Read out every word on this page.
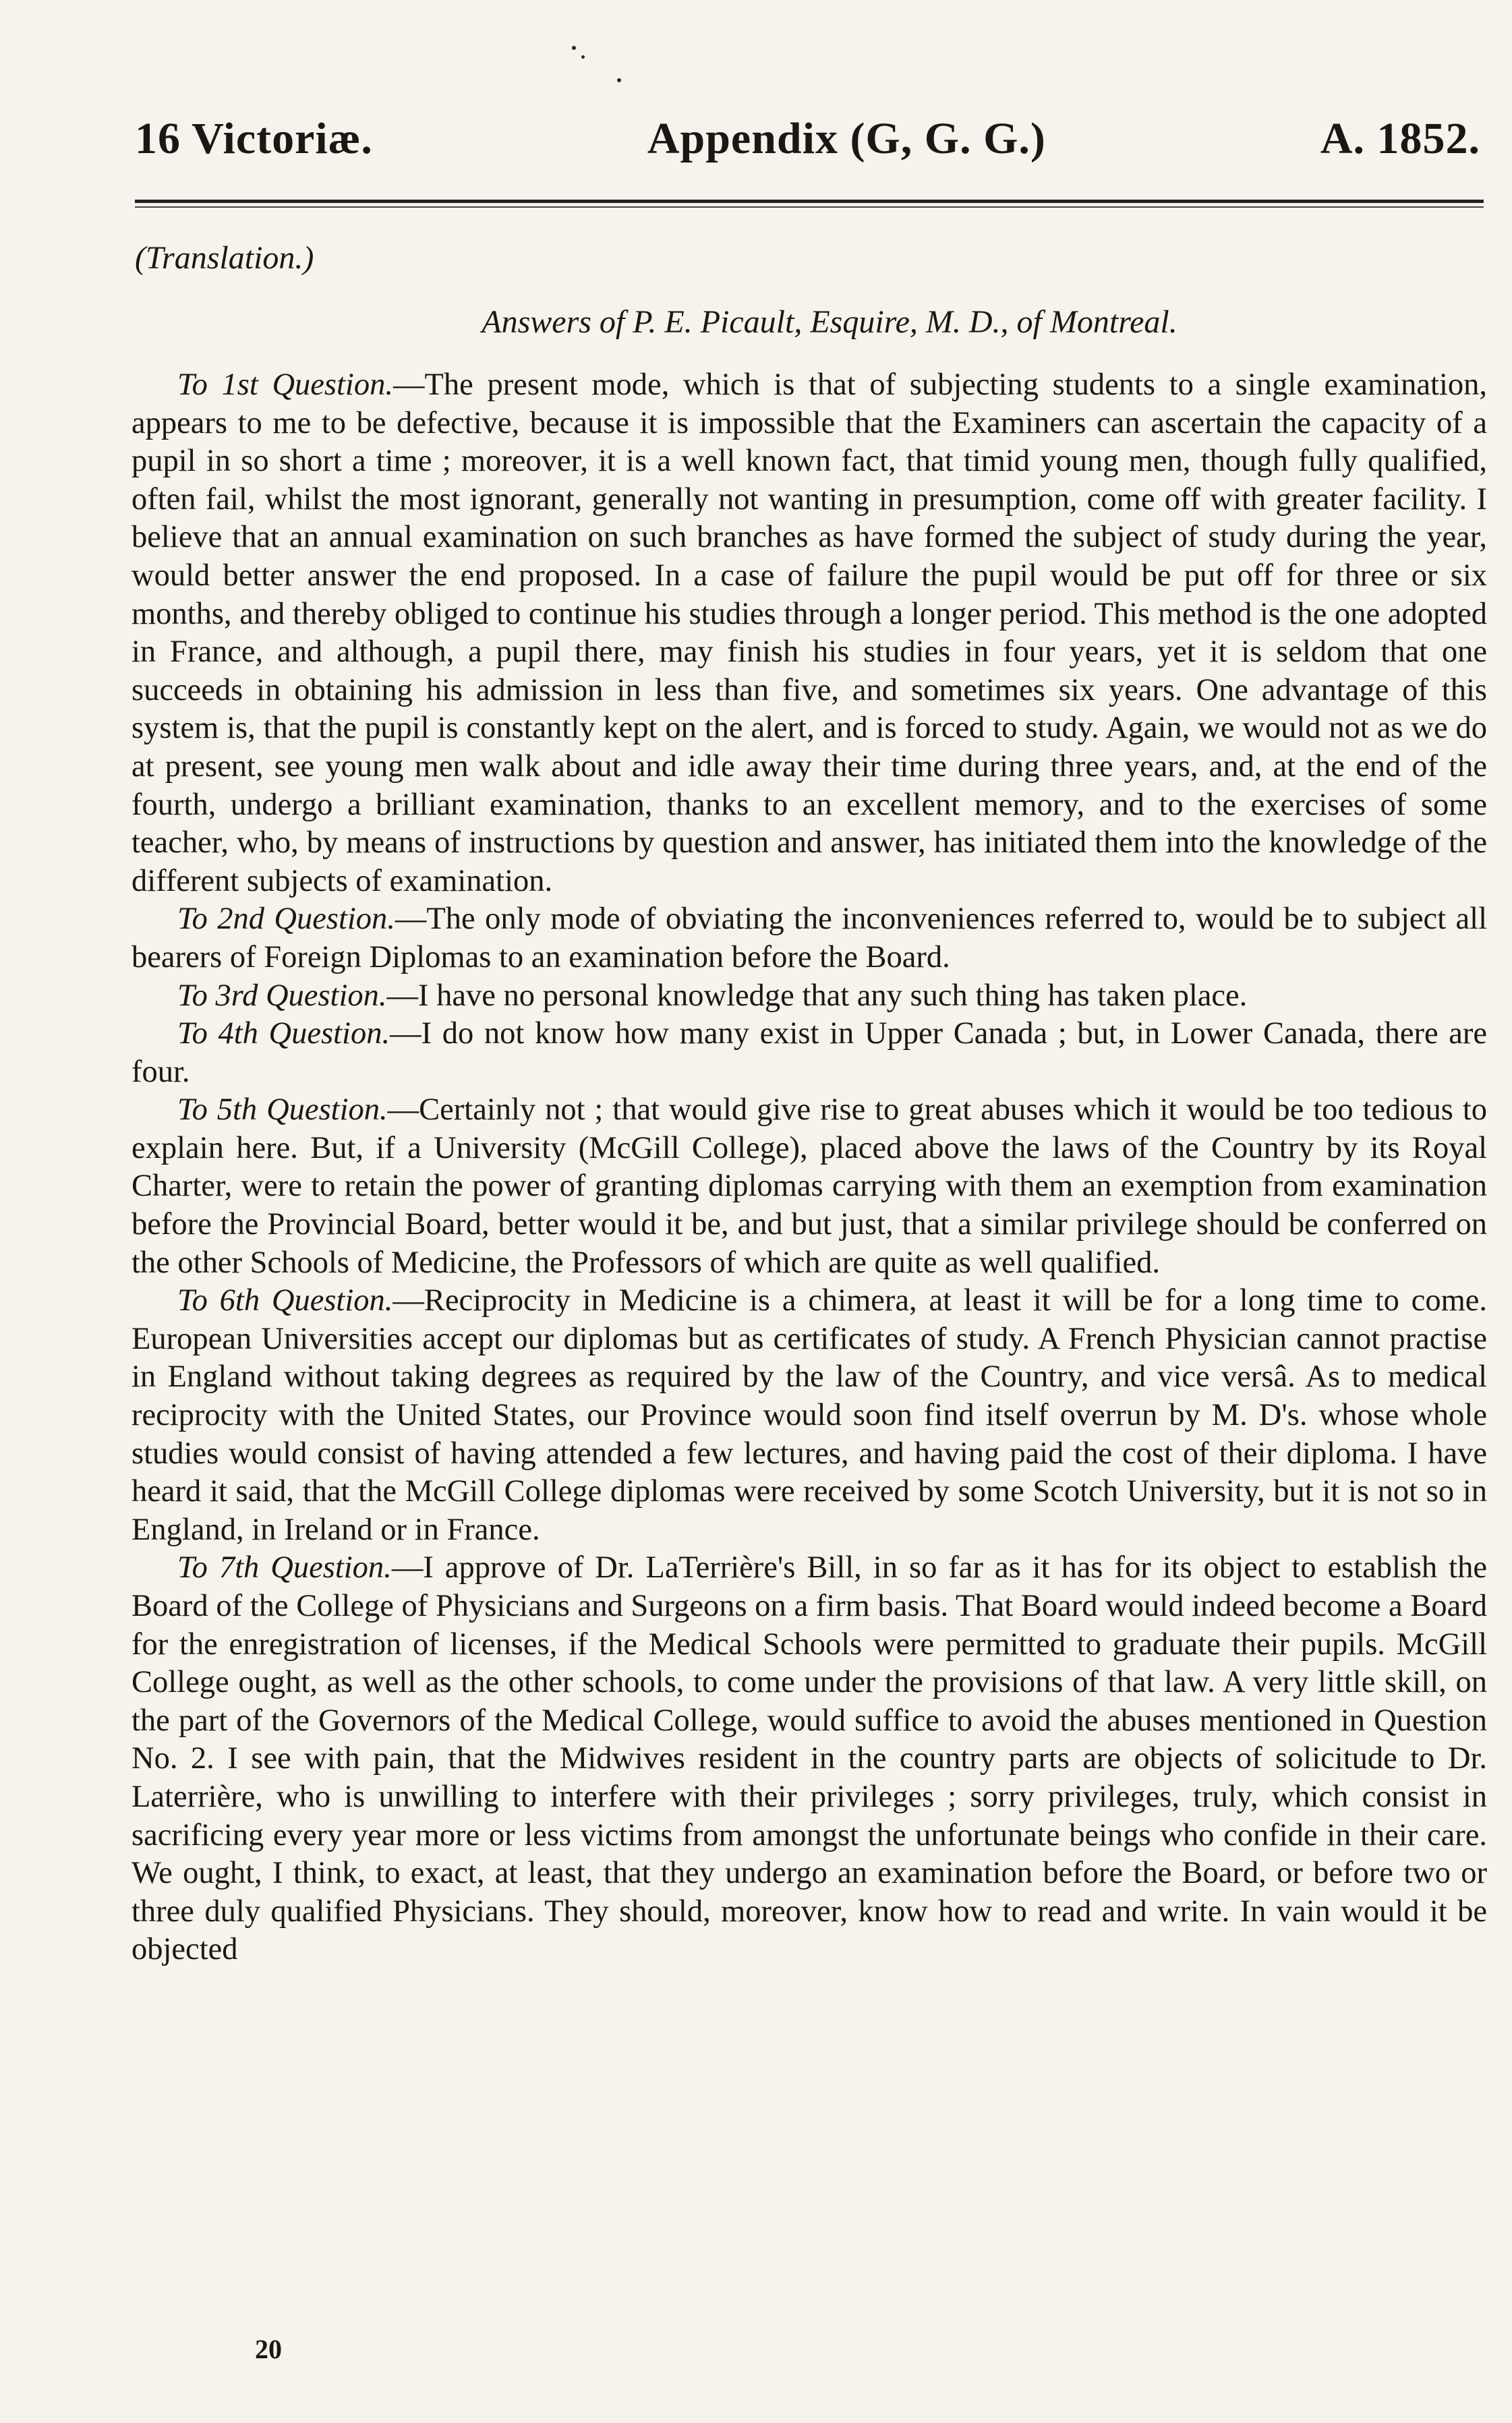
16 Victoriæ.	Appendix (G, G. G.)	A. 1852.
(Translation.)
Answers of P. E. Picault, Esquire, M. D., of Montreal.

To 1st Question.—The present mode, which is that of subjecting students to a single examination, appears to me to be defective, because it is impossible that the Examiners can ascertain the capacity of a pupil in so short a time ; moreover, it is a well known fact, that timid young men, though fully qualified, often fail, whilst the most ignorant, generally not wanting in presumption, come off with greater facility. I believe that an annual examination on such branches as have formed the subject of study during the year, would better answer the end proposed. In a case of failure the pupil would be put off for three or six months, and thereby obliged to continue his studies through a longer period. This method is the one adopted in France, and although, a pupil there, may finish his studies in four years, yet it is seldom that one succeeds in obtaining his admission in less than five, and sometimes six years. One advantage of this system is, that the pupil is constantly kept on the alert, and is forced to study. Again, we would not as we do at present, see young men walk about and idle away their time during three years, and, at the end of the fourth, undergo a brilliant examination, thanks to an excellent memory, and to the exercises of some teacher, who, by means of instructions by question and answer, has initiated them into the knowledge of the different subjects of examination.

To 2nd Question.—The only mode of obviating the inconveniences referred to, would be to subject all bearers of Foreign Diplomas to an examination before the Board.

To 3rd Question.—I have no personal knowledge that any such thing has taken place.

To 4th Question.—I do not know how many exist in Upper Canada ; but, in Lower Canada, there are four.

To 5th Question.—Certainly not ; that would give rise to great abuses which it would be too tedious to explain here. But, if a University (McGill College), placed above the laws of the Country by its Royal Charter, were to retain the power of granting diplomas carrying with them an exemption from examination before the Provincial Board, better would it be, and but just, that a similar privilege should be conferred on the other Schools of Medicine, the Professors of which are quite as well qualified.

To 6th Question.—Reciprocity in Medicine is a chimera, at least it will be for a long time to come. European Universities accept our diplomas but as certificates of study. A French Physician cannot practise in England without taking degrees as required by the law of the Country, and vice versâ. As to medical reciprocity with the United States, our Province would soon find itself overrun by M. D's. whose whole studies would consist of having attended a few lectures, and having paid the cost of their diploma. I have heard it said, that the McGill College diplomas were received by some Scotch University, but it is not so in England, in Ireland or in France.

To 7th Question.—I approve of Dr. LaTerrière's Bill, in so far as it has for its object to establish the Board of the College of Physicians and Surgeons on a firm basis. That Board would indeed become a Board for the enregistration of licenses, if the Medical Schools were permitted to graduate their pupils. McGill College ought, as well as the other schools, to come under the provisions of that law. A very little skill, on the part of the Governors of the Medical College, would suffice to avoid the abuses mentioned in Question No. 2. I see with pain, that the Midwives resident in the country parts are objects of solicitude to Dr. Laterrière, who is unwilling to interfere with their privileges ; sorry privileges, truly, which consist in sacrificing every year more or less victims from amongst the unfortunate beings who confide in their care. We ought, I think, to exact, at least, that they undergo an examination before the Board, or before two or three duly qualified Physicians. They should, moreover, know how to read and write. In vain would it be objected

20
